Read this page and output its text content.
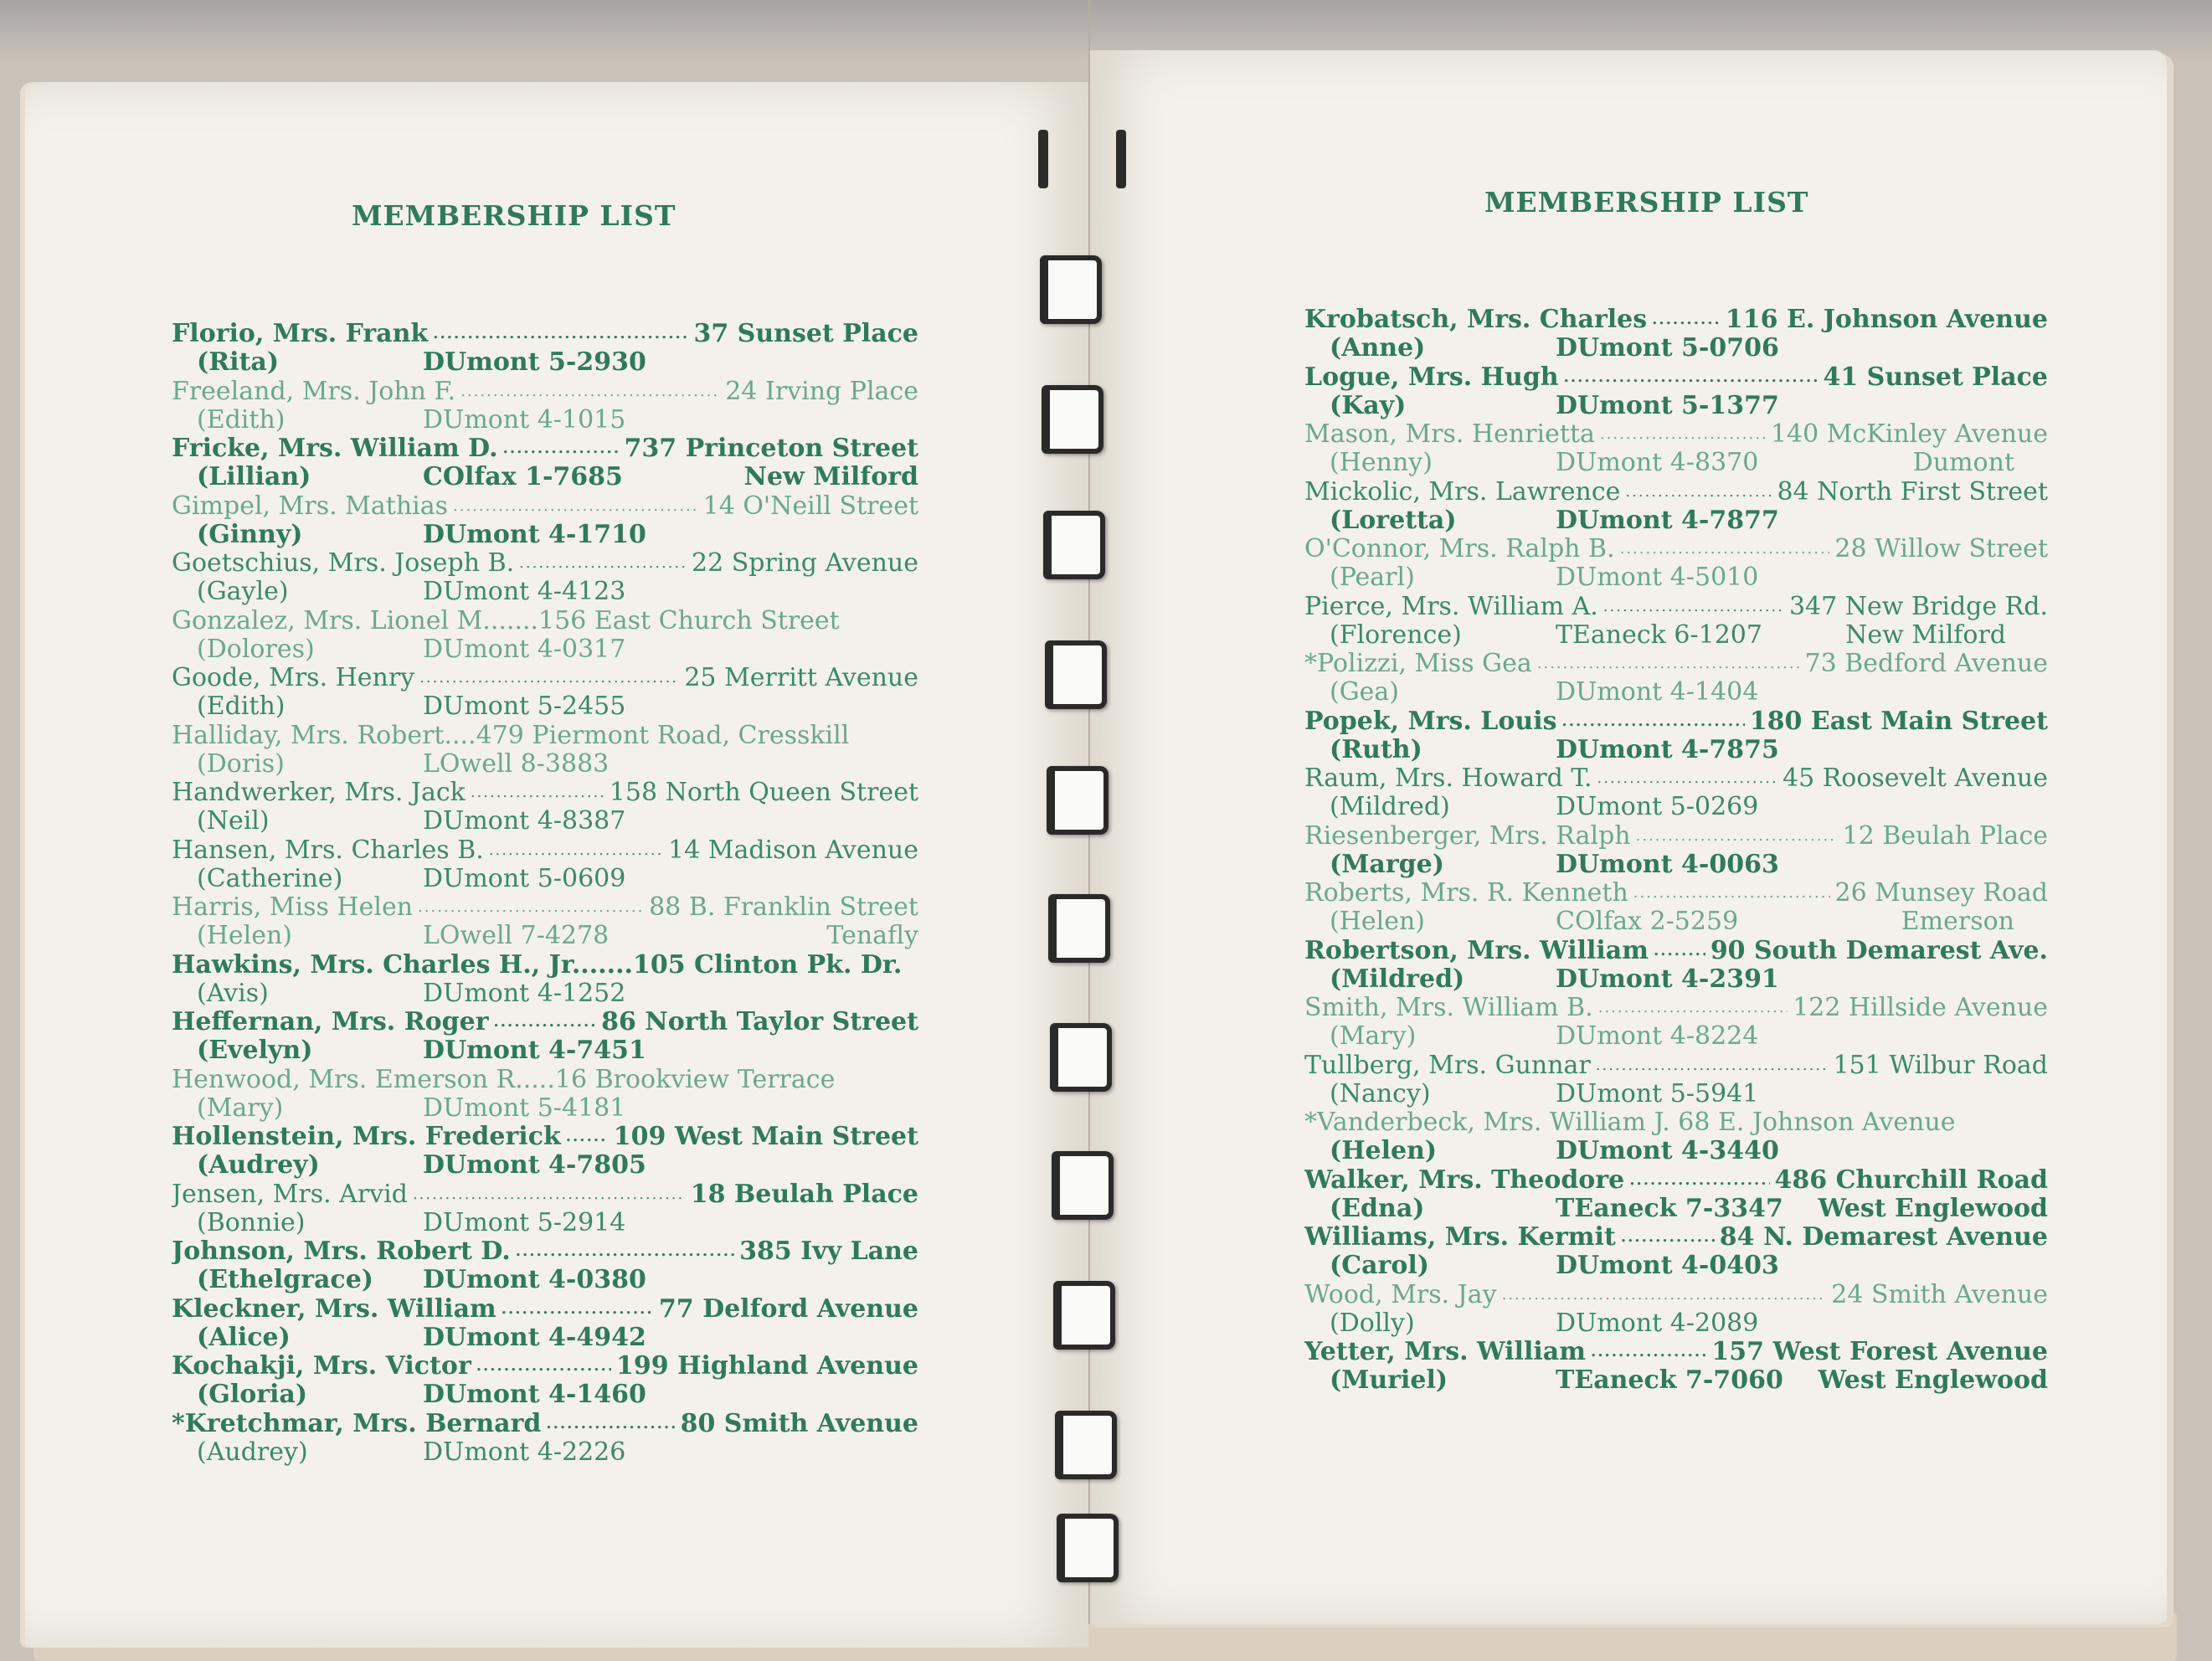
MEMBERSHIP LIST	MEMBERSHIP LIST
Florio, Mrs. Frank .....	37 Sunset Place
(Rita)	DUmont 5-2930
Freeland, Mrs. John F. .....	24 Irving Place
(Edith)	DUmont 4-1015
Fricke, Mrs. William D. .....	737 Princeton Street
(Lillian)	COlfax 1-7685	New Milford
Gimpel, Mrs. Mathias .....	14 O'Neill Street
(Ginny)	DUmont 4-1710
Goetschius, Mrs. Joseph B. .....	22 Spring Avenue
(Gayle)	DUmont 4-4123
Gonzalez, Mrs. Lionel M.......156 East Church Street
(Dolores)	DUmont 4-0317
Goode, Mrs. Henry .....	25 Merritt Avenue
(Edith)	DUmont 5-2455
Halliday, Mrs. Robert....479 Piermont Road, Cresskill
(Doris)	LOwell 8-3883
Handwerker, Mrs. Jack .....	158 North Queen Street
(Neil)	DUmont 4-8387
Hansen, Mrs. Charles B. .....	14 Madison Avenue
(Catherine)	DUmont 5-0609
Harris, Miss Helen .....	88 B. Franklin Street
(Helen)	LOwell 7-4278	Tenafly
Hawkins, Mrs. Charles H., Jr.......105 Clinton Pk. Dr.
(Avis)	DUmont 4-1252
Heffernan, Mrs. Roger .....	86 North Taylor Street
(Evelyn)	DUmont 4-7451
Henwood, Mrs. Emerson R.....16 Brookview Terrace
(Mary)	DUmont 5-4181
Hollenstein, Mrs. Frederick ..... 109 West Main Street
(Audrey)	DUmont 4-7805
Jensen, Mrs. Arvid .....	18 Beulah Place
(Bonnie)	DUmont 5-2914
Johnson, Mrs. Robert D. .....	385 Ivy Lane
(Ethelgrace) DUmont 4-0380
Kleckner, Mrs. William .....	77 Delford Avenue
(Alice)	DUmont 4-4942
Kochakji, Mrs. Victor .....	199 Highland Avenue
(Gloria)	DUmont 4-1460
*Kretchmar, Mrs. Bernard .....	80 Smith Avenue
(Audrey)	DUmont 4-2226
Krobatsch, Mrs. Charles .....	116 E. Johnson Avenue
(Anne)	DUmont 5-0706
Logue, Mrs. Hugh .....	41 Sunset Place
(Kay)	DUmont 5-1377
Mason, Mrs. Henrietta .....	140 McKinley Avenue
(Henny)	DUmont 4-8370	Dumont
Mickolic, Mrs. Lawrence .....	84 North First Street
(Loretta)	DUmont 4-7877
O'Connor, Mrs. Ralph B. .....	28 Willow Street
(Pearl)	DUmont 4-5010
Pierce, Mrs. William A. .....	347 New Bridge Rd.
(Florence)	TEaneck 6-1207	New Milford
*Polizzi, Miss Gea .....	73 Bedford Avenue
(Gea)	DUmont 4-1404
Popek, Mrs. Louis .....	180 East Main Street
(Ruth)	DUmont 4-7875
Raum, Mrs. Howard T. .....	45 Roosevelt Avenue
(Mildred)	DUmont 5-0269
Riesenberger, Mrs. Ralph .....	12 Beulah Place
(Marge)	DUmont 4-0063
Roberts, Mrs. R. Kenneth .....	26 Munsey Road
(Helen)	COlfax 2-5259	Emerson
Robertson, Mrs. William ..... 90 South Demarest Ave.
(Mildred)	DUmont 4-2391
Smith, Mrs. William B. .....	122 Hillside Avenue
(Mary)	DUmont 4-8224
Tullberg, Mrs. Gunnar .....	151 Wilbur Road
(Nancy)	DUmont 5-5941
*Vanderbeck, Mrs. William J. 68 E. Johnson Avenue
(Helen)	DUmont 4-3440
Walker, Mrs. Theodore .....	486 Churchill Road
(Edna)	TEaneck 7-3347 West Englewood
Williams, Mrs. Kermit .....	84 N. Demarest Avenue
(Carol)	DUmont 4-0403
Wood, Mrs. Jay .....	24 Smith Avenue
(Dolly)	DUmont 4-2089
Yetter, Mrs. William .....	157 West Forest Avenue
(Muriel)	TEaneck 7-7060 West Englewood
